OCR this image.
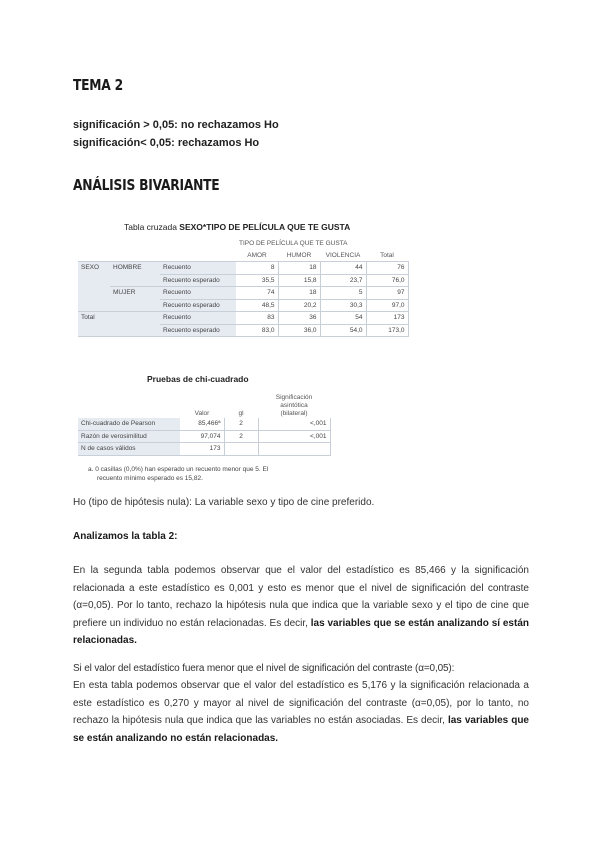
TEMA 2
significación > 0,05: no rechazamos Ho
significación< 0,05: rechazamos Ho
ANÁLISIS BIVARIANTE
Tabla cruzada SEXO*TIPO DE PELÍCULA QUE TE GUSTA
			TIPO DE PELÍCULA QUE TE GUSTA			
			AMOR	HUMOR	VIOLENCIA	Total
SEXO	HOMBRE	Recuento	8	18	44	76
		Recuento esperado	35,5	15,8	23,7	76,0
	MUJER	Recuento	74	18	5	97
		Recuento esperado	48,5	20,2	30,3	97,0
Total		Recuento	83	36	54	173
		Recuento esperado	83,0	36,0	54,0	173,0
Pruebas de chi-cuadrado
	Valor	gl	Significación
asintótica
(bilateral)

Chi-cuadrado de Pearson	85,466ª	2	<,001
Razón de verosimilitud	97,074	2	<,001
N de casos válidos	173		
a. 0 casillas (0,0%) han esperado un recuento menor que 5. El
recuento mínimo esperado es 15,82.
Ho (tipo de hipótesis nula): La variable sexo y tipo de cine preferido.
Analizamos la tabla 2:
En la segunda tabla podemos observar que el valor del estadístico es 85,466 y la significación relacionada a este estadístico es 0,001 y esto es menor que el nivel de significación del contraste (α=0,05). Por lo tanto, rechazo la hipótesis nula que indica que la variable sexo y el tipo de cine que prefiere un individuo no están relacionadas. Es decir, las variables que se están analizando sí están relacionadas.
Si el valor del estadístico fuera menor que el nivel de significación del contraste (α=0,05):
En esta tabla podemos observar que el valor del estadístico es 5,176 y la significación relacionada a este estadístico es 0,270 y mayor al nivel de significación del contraste (α=0,05), por lo tanto, no rechazo la hipótesis nula que indica que las variables no están asociadas. Es decir, las variables que se están analizando no están relacionadas.
